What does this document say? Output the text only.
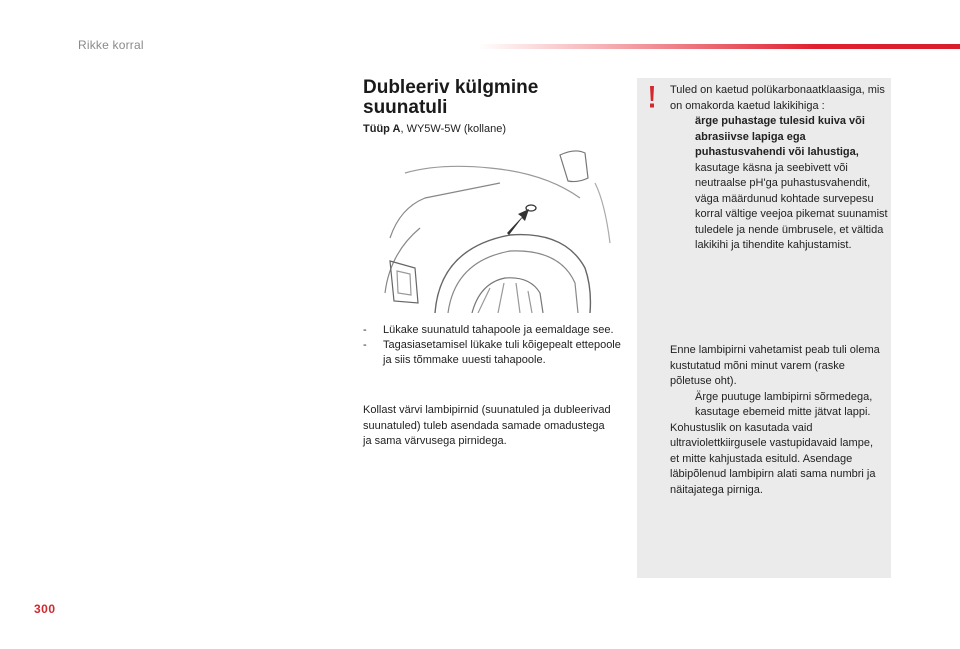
Rikke korral
Dubleeriv külgmine
suunatuli
Tüüp A, WY5W-5W (kollane)
-	Lükake suunatuld tahapoole ja eemaldage see.
-	Tagasiasetamisel lükake tuli kõigepealt ettepoole ja siis tõmmake uuesti tahapoole.
Kollast värvi lambipirnid (suunatuled ja dubleerivad suunatuled) tuleb asendada samade omadustega ja sama värvusega pirnidega.
Tuled on kaetud polükarbonaatklaasiga, mis on omakorda kaetud lakikihiga :
ärge puhastage tulesid kuiva või abrasiivse lapiga ega puhastusvahendi või lahustiga,
kasutage käsna ja seebivett või neutraalse pH'ga puhastusvahendit,
väga määrdunud kohtade survepesu korral vältige veejoa pikemat suunamist tuledele ja nende ümbrusele, et vältida lakikihi ja tihendite kahjustamist.
Enne lambipirni vahetamist peab tuli olema kustutatud mõni minut varem (raske põletuse oht).
Ärge puutuge lambipirni sõrmedega, kasutage ebemeid mitte jätvat lappi.
Kohustuslik on kasutada vaid ultraviolettkiirgusele vastupidavaid lampe, et mitte kahjustada esituld. Asendage läbipõlenud lambipirn alati sama numbri ja näitajatega pirniga.
300
